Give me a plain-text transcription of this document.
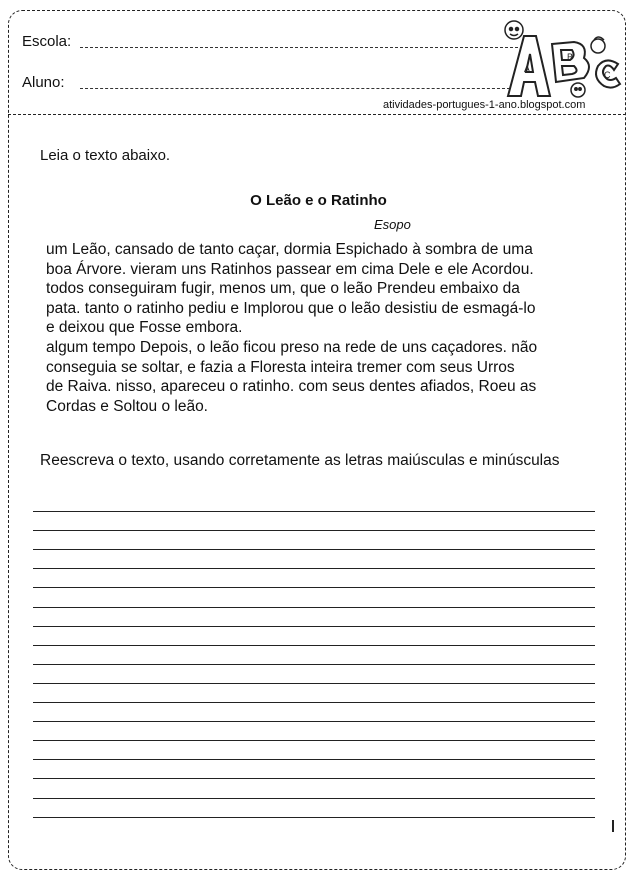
Escola:
Aluno:
A
B
C
atividades-portugues-1-ano.blogspot.com
Leia o texto abaixo.
O Leão e o Ratinho
Esopo
um Leão, cansado de tanto caçar, dormia Espichado à sombra de uma
boa Árvore. vieram uns Ratinhos passear em cima Dele e ele Acordou.
todos conseguiram fugir, menos um, que o leão Prendeu embaixo da
pata. tanto o ratinho pediu e Implorou que o leão desistiu de esmagá-lo
e deixou que Fosse embora.
algum tempo Depois, o leão ficou preso na rede de uns caçadores. não
conseguia se soltar, e fazia a Floresta inteira tremer com seus Urros
de Raiva. nisso, apareceu o ratinho. com seus dentes afiados, Roeu as
Cordas e Soltou o leão.
Reescreva o texto, usando corretamente as letras maiúsculas e minúsculas
